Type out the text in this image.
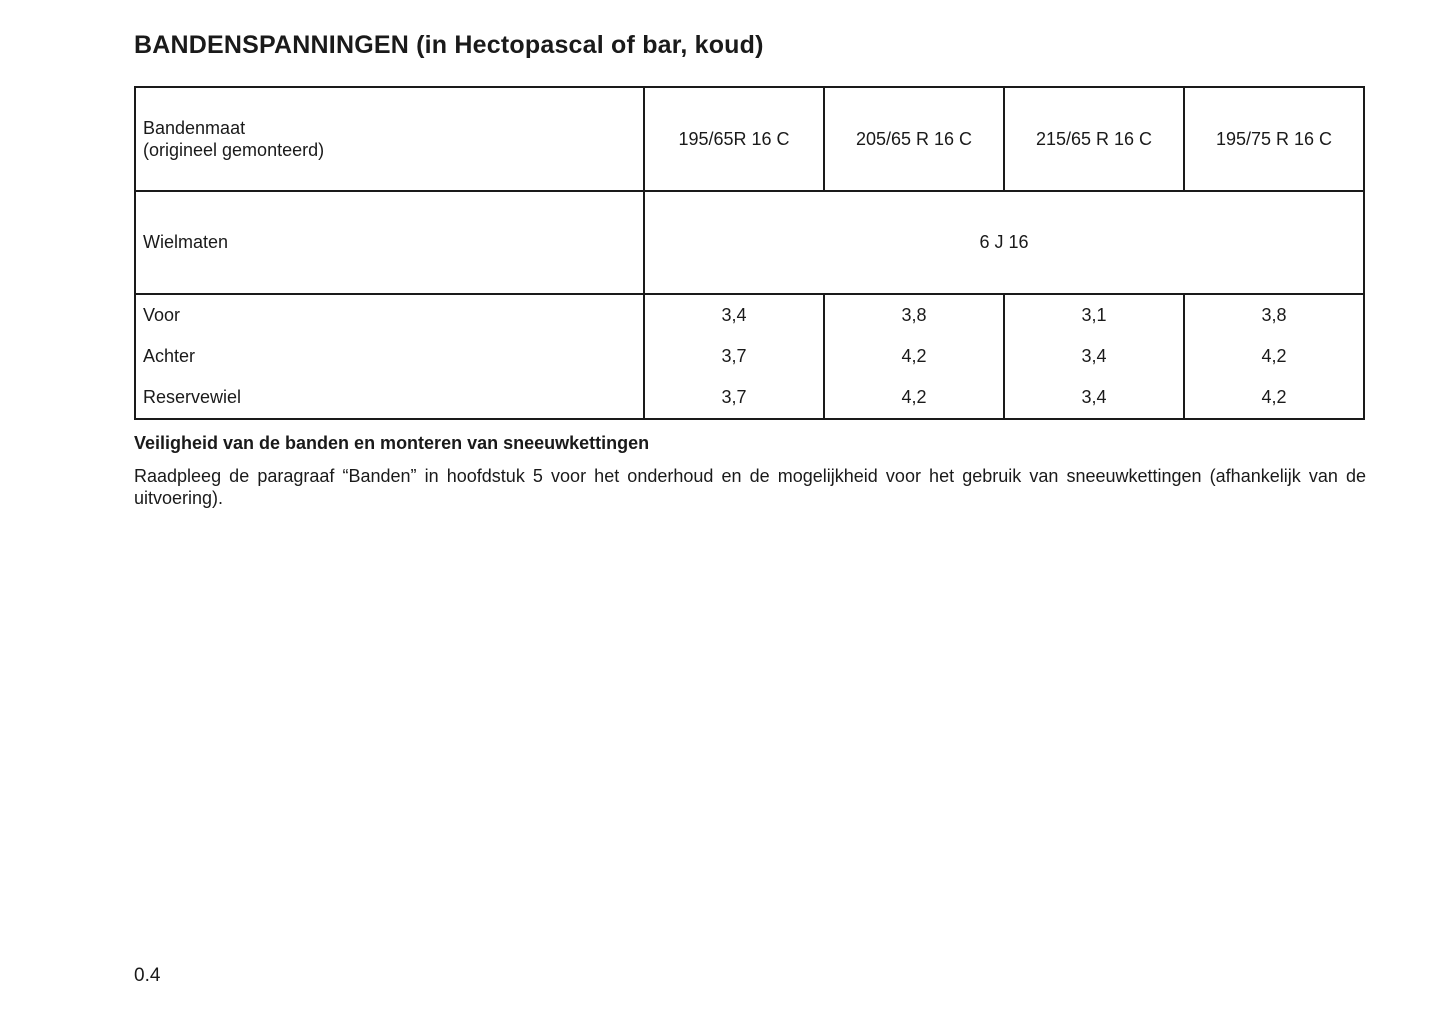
BANDENSPANNINGEN (in Hectopascal of bar, koud)
Bandenmaat
(origineel gemonteerd)	195/65R 16 C	205/65 R 16 C	215/65 R 16 C	195/75 R 16 C
Wielmaten	6 J 16			
Voor	3,4	3,8	3,1	3,8
Achter	3,7	4,2	3,4	4,2
Reservewiel	3,7	4,2	3,4	4,2
Veiligheid van de banden en monteren van sneeuwkettingen

Raadpleeg de paragraaf “Banden” in hoofdstuk 5 voor het onderhoud en de mogelijkheid voor het gebruik van sneeuwkettingen (afhankelijk van de uitvoering).

0.4
